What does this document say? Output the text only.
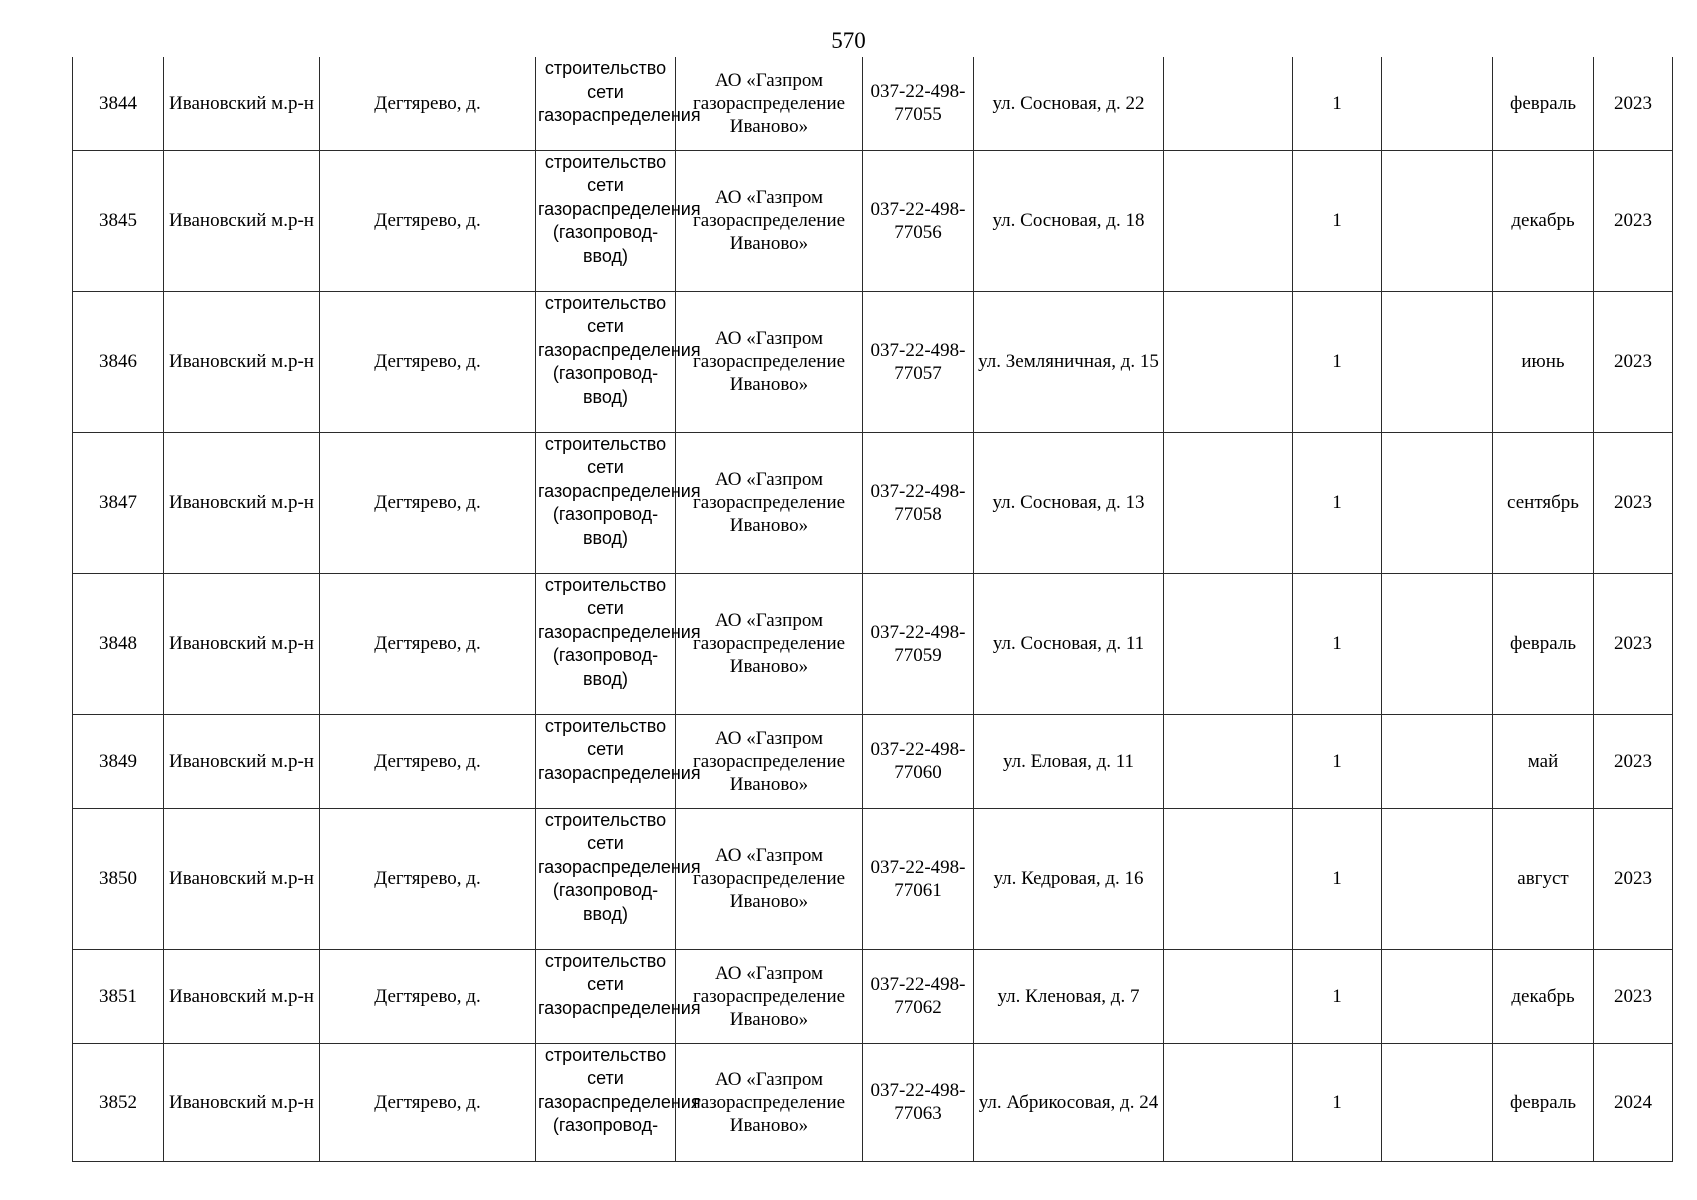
570
3844	Ивановский м.р-н	Дегтярево, д.	строительство сети газораспределения	АО «Газпром газораспределение Иваново»	037-22-498-77055	ул. Сосновая, д. 22		1		февраль	2023
3845	Ивановский м.р-н	Дегтярево, д.	строительство сети газораспределения (газопровод-ввод)	АО «Газпром газораспределение Иваново»	037-22-498-77056	ул. Сосновая, д. 18		1		декабрь	2023
3846	Ивановский м.р-н	Дегтярево, д.	строительство сети газораспределения (газопровод-ввод)	АО «Газпром газораспределение Иваново»	037-22-498-77057	ул. Земляничная, д. 15		1		июнь	2023
3847	Ивановский м.р-н	Дегтярево, д.	строительство сети газораспределения (газопровод-ввод)	АО «Газпром газораспределение Иваново»	037-22-498-77058	ул. Сосновая, д. 13		1		сентябрь	2023
3848	Ивановский м.р-н	Дегтярево, д.	строительство сети газораспределения (газопровод-ввод)	АО «Газпром газораспределение Иваново»	037-22-498-77059	ул. Сосновая, д. 11		1		февраль	2023
3849	Ивановский м.р-н	Дегтярево, д.	строительство сети газораспределения	АО «Газпром газораспределение Иваново»	037-22-498-77060	ул. Еловая, д. 11		1		май	2023
3850	Ивановский м.р-н	Дегтярево, д.	строительство сети газораспределения (газопровод-ввод)	АО «Газпром газораспределение Иваново»	037-22-498-77061	ул. Кедровая, д. 16		1		август	2023
3851	Ивановский м.р-н	Дегтярево, д.	строительство сети газораспределения	АО «Газпром газораспределение Иваново»	037-22-498-77062	ул. Кленовая, д. 7		1		декабрь	2023
3852	Ивановский м.р-н	Дегтярево, д.	строительство сети газораспределения (газопровод-	АО «Газпром газораспределение Иваново»	037-22-498-77063	ул. Абрикосовая, д. 24		1		февраль	2024
